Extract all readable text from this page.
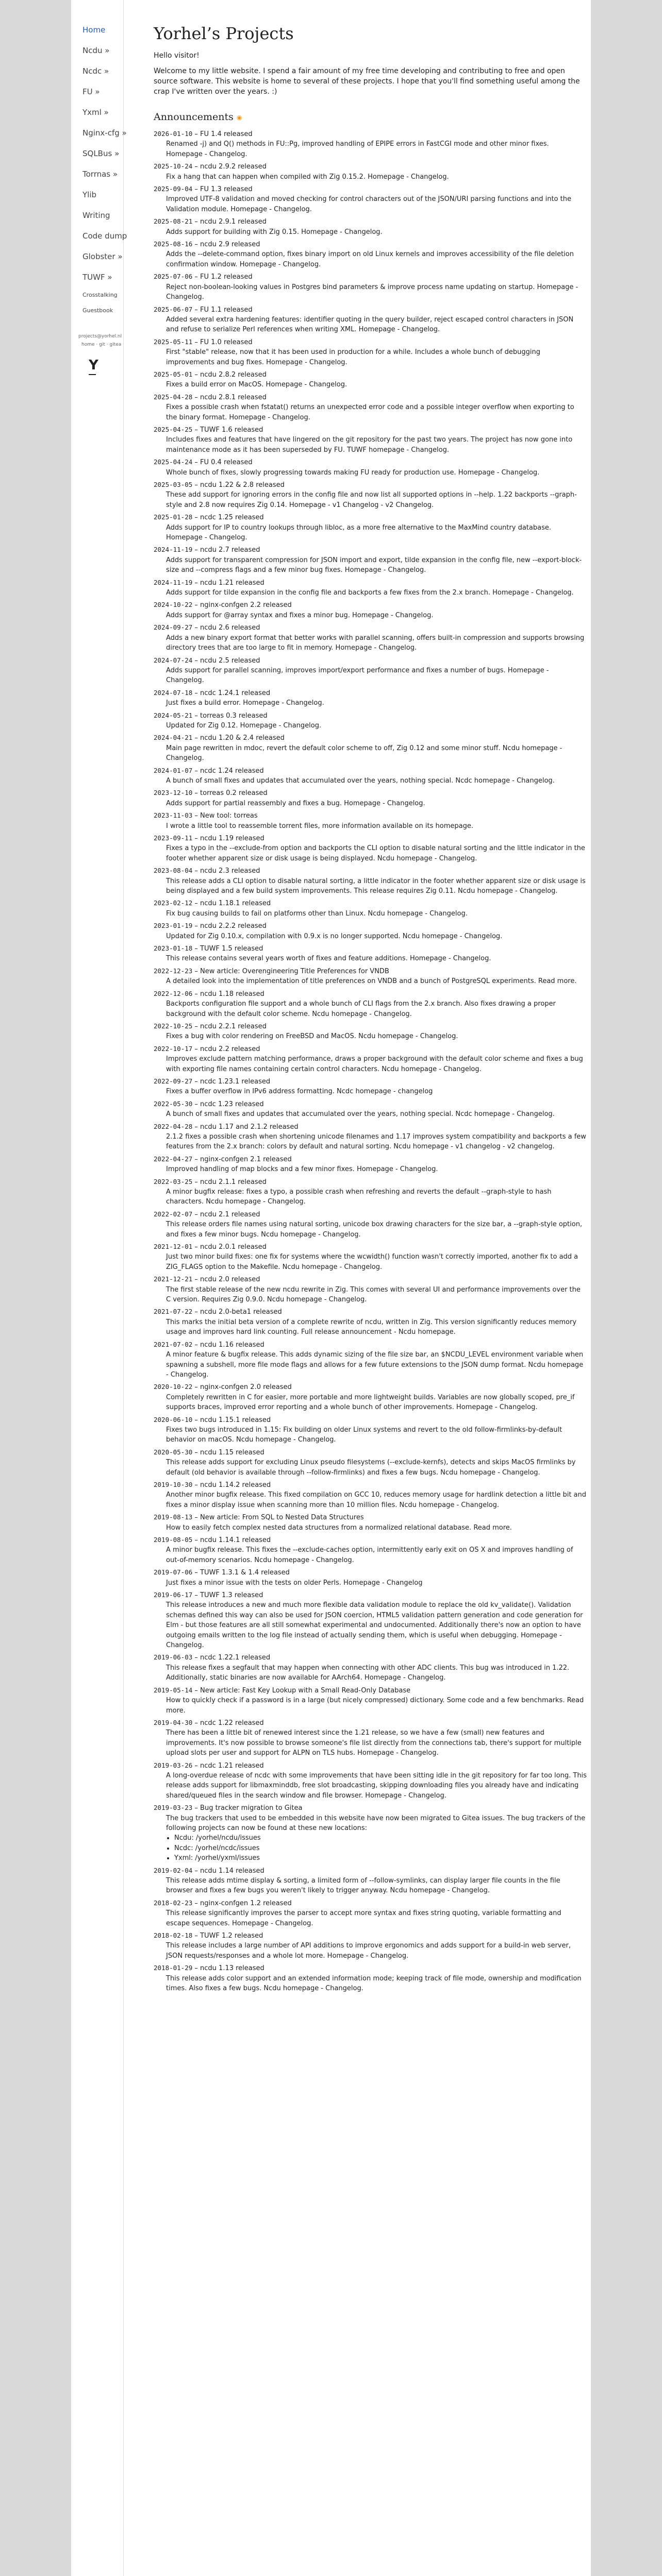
Home
Ncdu »
Ncdc »
FU »
Yxml »
Nginx-cfg »
SQLBus »
Torrnas »
Ylib
Writing
Code dump
Globster »
TUWF »
Crosstalking
Guestbook
projects@yorhel.nl
home · git · gitea
Y
Yorhel’s Projects

Hello visitor!

Welcome to my little website. I spend a fair amount of my free time developing and contributing to free and open source software. This website is home to several of these projects. I hope that you'll find something useful among the crap I've written over the years. :)

Announcements ◉
2026-01-10 – FU 1.4 released
Renamed -j) and Q() methods in FU::Pg, improved handling of EPIPE errors in FastCGI mode and other minor fixes. Homepage - Changelog.
2025-10-24 – ncdu 2.9.2 released
Fix a hang that can happen when compiled with Zig 0.15.2. Homepage - Changelog.
2025-09-04 – FU 1.3 released
Improved UTF-8 validation and moved checking for control characters out of the JSON/URI parsing functions and into the Validation module. Homepage - Changelog.
2025-08-21 – ncdu 2.9.1 released
Adds support for building with Zig 0.15. Homepage - Changelog.
2025-08-16 – ncdu 2.9 released
Adds the --delete-command option, fixes binary import on old Linux kernels and improves accessibility of the file deletion confirmation window. Homepage - Changelog.
2025-07-06 – FU 1.2 released
Reject non-boolean-looking values in Postgres bind parameters & improve process name updating on startup. Homepage - Changelog.
2025-06-07 – FU 1.1 released
Added several extra hardening features: identifier quoting in the query builder, reject escaped control characters in JSON and refuse to serialize Perl references when writing XML. Homepage - Changelog.
2025-05-11 – FU 1.0 released
First "stable" release, now that it has been used in production for a while. Includes a whole bunch of debugging improvements and bug fixes. Homepage - Changelog.
2025-05-01 – ncdu 2.8.2 released
Fixes a build error on MacOS. Homepage - Changelog.
2025-04-28 – ncdu 2.8.1 released
Fixes a possible crash when fstatat() returns an unexpected error code and a possible integer overflow when exporting to the binary format. Homepage - Changelog.
2025-04-25 – TUWF 1.6 released
Includes fixes and features that have lingered on the git repository for the past two years. The project has now gone into maintenance mode as it has been superseded by FU. TUWF homepage - Changelog.
2025-04-24 – FU 0.4 released
Whole bunch of fixes, slowly progressing towards making FU ready for production use. Homepage - Changelog.
2025-03-05 – ncdu 1.22 & 2.8 released
These add support for ignoring errors in the config file and now list all supported options in --help. 1.22 backports --graph-style and 2.8 now requires Zig 0.14. Homepage - v1 Changelog - v2 Changelog.
2025-01-28 – ncdc 1.25 released
Adds support for IP to country lookups through libloc, as a more free alternative to the MaxMind country database. Homepage - Changelog.
2024-11-19 – ncdu 2.7 released
Adds support for transparent compression for JSON import and export, tilde expansion in the config file, new --export-block-size and --compress flags and a few minor bug fixes. Homepage - Changelog.
2024-11-19 – ncdu 1.21 released
Adds support for tilde expansion in the config file and backports a few fixes from the 2.x branch. Homepage - Changelog.
2024-10-22 – nginx-confgen 2.2 released
Adds support for @array syntax and fixes a minor bug. Homepage - Changelog.
2024-09-27 – ncdu 2.6 released
Adds a new binary export format that better works with parallel scanning, offers built-in compression and supports browsing directory trees that are too large to fit in memory. Homepage - Changelog.
2024-07-24 – ncdu 2.5 released
Adds support for parallel scanning, improves import/export performance and fixes a number of bugs. Homepage - Changelog.
2024-07-18 – ncdc 1.24.1 released
Just fixes a build error. Homepage - Changelog.
2024-05-21 – torreas 0.3 released
Updated for Zig 0.12. Homepage - Changelog.
2024-04-21 – ncdu 1.20 & 2.4 released
Main page rewritten in mdoc, revert the default color scheme to off, Zig 0.12 and some minor stuff. Ncdu homepage - Changelog.
2024-01-07 – ncdc 1.24 released
A bunch of small fixes and updates that accumulated over the years, nothing special. Ncdc homepage - Changelog.
2023-12-10 – torreas 0.2 released
Adds support for partial reassembly and fixes a bug. Homepage - Changelog.
2023-11-03 – New tool: torreas
I wrote a little tool to reassemble torrent files, more information available on its homepage.
2023-09-11 – ncdu 1.19 released
Fixes a typo in the --exclude-from option and backports the CLI option to disable natural sorting and the little indicator in the footer whether apparent size or disk usage is being displayed. Ncdu homepage - Changelog.
2023-08-04 – ncdu 2.3 released
This release adds a CLI option to disable natural sorting, a little indicator in the footer whether apparent size or disk usage is being displayed and a few build system improvements. This release requires Zig 0.11. Ncdu homepage - Changelog.
2023-02-12 – ncdu 1.18.1 released
Fix bug causing builds to fail on platforms other than Linux. Ncdu homepage - Changelog.
2023-01-19 – ncdu 2.2.2 released
Updated for Zig 0.10.x, compilation with 0.9.x is no longer supported. Ncdu homepage - Changelog.
2023-01-18 – TUWF 1.5 released
This release contains several years worth of fixes and feature additions. Homepage - Changelog.
2022-12-23 – New article: Overengineering Title Preferences for VNDB
A detailed look into the implementation of title preferences on VNDB and a bunch of PostgreSQL experiments. Read more.
2022-12-06 – ncdu 1.18 released
Backports configuration file support and a whole bunch of CLI flags from the 2.x branch. Also fixes drawing a proper background with the default color scheme. Ncdu homepage - Changelog.
2022-10-25 – ncdu 2.2.1 released
Fixes a bug with color rendering on FreeBSD and MacOS. Ncdu homepage - Changelog.
2022-10-17 – ncdu 2.2 released
Improves exclude pattern matching performance, draws a proper background with the default color scheme and fixes a bug with exporting file names containing certain control characters. Ncdu homepage - Changelog.
2022-09-27 – ncdc 1.23.1 released
Fixes a buffer overflow in IPv6 address formatting. Ncdc homepage - changelog
2022-05-30 – ncdc 1.23 released
A bunch of small fixes and updates that accumulated over the years, nothing special. Ncdc homepage - Changelog.
2022-04-28 – ncdu 1.17 and 2.1.2 released
2.1.2 fixes a possible crash when shortening unicode filenames and 1.17 improves system compatibility and backports a few features from the 2.x branch: colors by default and natural sorting. Ncdu homepage - v1 changelog - v2 changelog.
2022-04-27 – nginx-confgen 2.1 released
Improved handling of map blocks and a few minor fixes. Homepage - Changelog.
2022-03-25 – ncdu 2.1.1 released
A minor bugfix release: fixes a typo, a possible crash when refreshing and reverts the default --graph-style to hash characters. Ncdu homepage - Changelog.
2022-02-07 – ncdu 2.1 released
This release orders file names using natural sorting, unicode box drawing characters for the size bar, a --graph-style option, and fixes a few minor bugs. Ncdu homepage - Changelog.
2021-12-01 – ncdu 2.0.1 released
Just two minor build fixes: one fix for systems where the wcwidth() function wasn't correctly imported, another fix to add a ZIG_FLAGS option to the Makefile. Ncdu homepage - Changelog.
2021-12-21 – ncdu 2.0 released
The first stable release of the new ncdu rewrite in Zig. This comes with several UI and performance improvements over the C version. Requires Zig 0.9.0. Ncdu homepage - Changelog.
2021-07-22 – ncdu 2.0-beta1 released
This marks the initial beta version of a complete rewrite of ncdu, written in Zig. This version significantly reduces memory usage and improves hard link counting. Full release announcement - Ncdu homepage.
2021-07-02 – ncdu 1.16 released
A minor feature & bugfix release. This adds dynamic sizing of the file size bar, an $NCDU_LEVEL environment variable when spawning a subshell, more file mode flags and allows for a few future extensions to the JSON dump format. Ncdu homepage - Changelog.
2020-10-22 – nginx-confgen 2.0 released
Completely rewritten in C for easier, more portable and more lightweight builds. Variables are now globally scoped, pre_if supports braces, improved error reporting and a whole bunch of other improvements. Homepage - Changelog.
2020-06-10 – ncdu 1.15.1 released
Fixes two bugs introduced in 1.15: Fix building on older Linux systems and revert to the old follow-firmlinks-by-default behavior on macOS. Ncdu homepage - Changelog.
2020-05-30 – ncdu 1.15 released
This release adds support for excluding Linux pseudo filesystems (--exclude-kernfs), detects and skips MacOS firmlinks by default (old behavior is available through --follow-firmlinks) and fixes a few bugs. Ncdu homepage - Changelog.
2019-10-30 – ncdu 1.14.2 released
Another minor bugfix release. This fixed compilation on GCC 10, reduces memory usage for hardlink detection a little bit and fixes a minor display issue when scanning more than 10 million files. Ncdu homepage - Changelog.
2019-08-13 – New article: From SQL to Nested Data Structures
How to easily fetch complex nested data structures from a normalized relational database. Read more.
2019-08-05 – ncdu 1.14.1 released
A minor bugfix release. This fixes the --exclude-caches option, intermittently early exit on OS X and improves handling of out-of-memory scenarios. Ncdu homepage - Changelog.
2019-07-06 – TUWF 1.3.1 & 1.4 released
Just fixes a minor issue with the tests on older Perls. Homepage - Changelog
2019-06-17 – TUWF 1.3 released
This release introduces a new and much more flexible data validation module to replace the old kv_validate(). Validation schemas defined this way can also be used for JSON coercion, HTML5 validation pattern generation and code generation for Elm - but those features are all still somewhat experimental and undocumented. Additionally there's now an option to have outgoing emails written to the log file instead of actually sending them, which is useful when debugging. Homepage - Changelog.
2019-06-03 – ncdc 1.22.1 released
This release fixes a segfault that may happen when connecting with other ADC clients. This bug was introduced in 1.22. Additionally, static binaries are now available for AArch64. Homepage - Changelog.
2019-05-14 – New article: Fast Key Lookup with a Small Read-Only Database
How to quickly check if a password is in a large (but nicely compressed) dictionary. Some code and a few benchmarks. Read more.
2019-04-30 – ncdc 1.22 released
There has been a little bit of renewed interest since the 1.21 release, so we have a few (small) new features and improvements. It's now possible to browse someone's file list directly from the connections tab, there's support for multiple upload slots per user and support for ALPN on TLS hubs. Homepage - Changelog.
2019-03-26 – ncdc 1.21 released
A long-overdue release of ncdc with some improvements that have been sitting idle in the git repository for far too long. This release adds support for libmaxminddb, free slot broadcasting, skipping downloading files you already have and indicating shared/queued files in the search window and file browser. Homepage - Changelog.
2019-03-23 – Bug tracker migration to Gitea
The bug trackers that used to be embedded in this website have now been migrated to Gitea issues. The bug trackers of the following projects can now be found at these new locations:
• Ncdu: /yorhel/ncdu/issues
• Ncdc: /yorhel/ncdc/issues
• Yxml: /yorhel/yxml/issues
2019-02-04 – ncdu 1.14 released
This release adds mtime display & sorting, a limited form of --follow-symlinks, can display larger file counts in the file browser and fixes a few bugs you weren't likely to trigger anyway. Ncdu homepage - Changelog.
2018-02-23 – nginx-confgen 1.2 released
This release significantly improves the parser to accept more syntax and fixes string quoting, variable formatting and escape sequences. Homepage - Changelog.
2018-02-18 – TUWF 1.2 released
This release includes a large number of API additions to improve ergonomics and adds support for a build-in web server, JSON requests/responses and a whole lot more. Homepage - Changelog.
2018-01-29 – ncdu 1.13 released
This release adds color support and an extended information mode; keeping track of file mode, ownership and modification times. Also fixes a few bugs. Ncdu homepage - Changelog.
